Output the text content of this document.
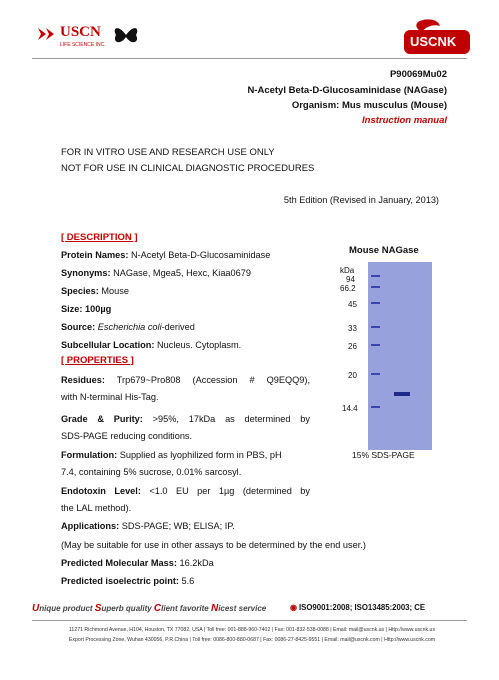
USCN
LIFE SCIENCE INC.	USCNK
P90069Mu02
N-Acetyl Beta-D-Glucosaminidase (NAGase)
Organism: Mus musculus (Mouse)
Instruction manual
FOR IN VITRO USE AND RESEARCH USE ONLY
NOT FOR USE IN CLINICAL DIAGNOSTIC PROCEDURES
5th Edition (Revised in January, 2013)
[ DESCRIPTION ]
Protein Names: N-Acetyl Beta-D-Glucosaminidase
Synonyms: NAGase, Mgea5, Hexc, Kiaa0679
Species: Mouse
Size: 100µg
Source: Escherichia coli-derived
Subcellular Location: Nucleus. Cytoplasm.
[ PROPERTIES ]
Residues: Trp679~Pro808 (Accession # Q9EQQ9),
with N-terminal His-Tag.
Grade & Purity: >95%, 17kDa as determined by
SDS-PAGE reducing conditions.
Formulation: Supplied as lyophilized form in PBS, pH
7.4, containing 5% sucrose, 0.01% sarcosyl.
Endotoxin Level: <1.0 EU per 1µg (determined by
the LAL method).
Applications: SDS-PAGE; WB; ELISA; IP.
(May be suitable for use in other assays to be determined by the end user.)
Predicted Molecular Mass: 16.2kDa
Predicted isoelectric point: 5.6
Mouse NAGase
kDa
94
66.2
45
33
26
20
14.4
15% SDS-PAGE
Unique product Superb quality Client favorite Nicest service	◉ ISO9001:2008; ISO13485:2003; CE
11271 Richmond Avenue, H104, Houston, TX 77082, USA | Toll free: 001-888-960-7402 | Fax: 001-832-538-0088 | Email: mail@uscnk.us | Http://www.uscnk.us
Export Processing Zone, Wuhan 430056, P.R.China | Toll free: 0086-800-880-0687 | Fax: 0086-27-8425-9551 | Email: mail@uscnk.com | Http://www.uscnk.com
